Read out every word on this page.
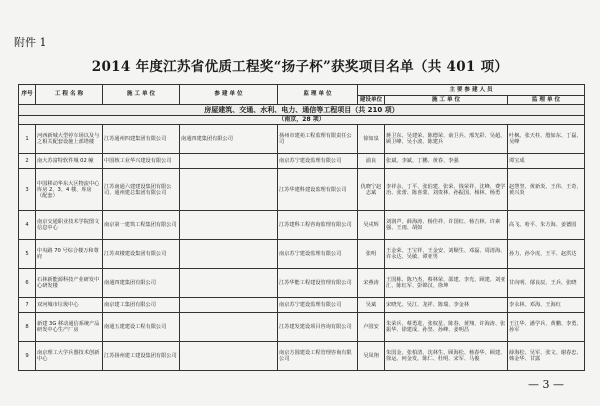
附件 1
2014 年度江苏省优质工程奖“扬子杯”获奖项目名单（共 401 项）
序号	工 程 名 称	施 工 单 位	参 建 单 位	监 理 单 位	主 要 参 建 人 员		
					建设单位	施 工 单 位	监 理 单 位
房屋建筑、交通、水利、电力、通信等工程项目（共 210 项）							
（南京，28 项）							
1	河西新城大型停车场以及与之相关配套设施上部塔楼	江苏通州四建集团有限公司	南通四建集团有限公司	扬州市建苑工程监理有限责任公司	徐如泉	蒋卫东、吴建荣、陈德荣、俞卫兵、邢光彩、吴超、顾卫峰、吴小波、陈建兵	叶枫、张天柱、殷如东、丁磊、吴峰
2	南大苏富特软件城 02 幢	中国核工业华兴建设有限公司		南京苏宁建设监理有限公司	浦良	张斌、李斌、丁鹏、黄春、李强	谭宝成
3	中国移动华东大区物流中心库房 2、3、4 楼、库房（配套）	江苏南通六建建设集团有限公司、通州建总集团有限公司		江苏华建科建设监理有限公司	仇晓宁赵志斌	李祥余、丁平、张伯建、张荣、钱荣祥、沈峰、费学治、张蕾、陈喜蒙、刘贵林、孙振国、杨林、杨勇	赵慧坚、黄新炎、王伟、王奇、黄兴炎
4	南京交通职业技术学院图文信息中心	南京第一建筑工程集团有限公司		江苏建科工程咨询监理有限公司	吴戍辉	刘润声、薛海涛、杨佳祥、许国红、杨吉林、许素强、王雨、胡如	高飞、哈平、朱方海、姜德国
5	中央路 70 号综合楼万和尊府	江苏双楼建设集团有限公司		南京苏宁建设监理有限公司	张明	王金荣、王宝祥、王金安、刘顺生、邓磊、周清海、许永达、吴敏、谭亚男	孙力、孙令虎、王平、赵洪达
6	石林新能源科技产业研发中心研发楼	南通四建集团有限公司		江苏华能工程建设管理有限公司	宋燕涛	王国栋、陈乃杰、蔡林荣、邵建、李光、顾建、刘亚汇、陈红军、彭锦汉、徐坤	甘向明、郁良辰、王兵、张晓
7	双河城市垃圾中心	南京建工集团有限公司		南京苏宁建设监理有限公司	吴斌	宋晓光、吴江、龙祥、陈瑞、李金林	李永林、邓海、王海红
8	新建 3G 移动通信系统产品研发中心生产厂房	南通五建建设工程有限公司		江苏建发建设项目咨询有限公司	卢国安	朱荣兵、蔡勇进、张权星、陈春、黄翔、许海涛、张振华、徐建成、孙坚、孙峰、姜明昌	王江华、潘学兵、黄鹏、李勇、孙军
9	南京理工大学兵器技术创新中心	江苏扬州建工建设集团有限公司		南京方圆建设工程管理咨询有限公司	吴凤翔	朱国金、张柏清、沈林生、顾海松、杨春华、顾建、徐运、何金发、陈仁、杜明、宋军、马俊	薛海松、吴军、张文、谢春忠、韩金华、甘露
— 3 —
